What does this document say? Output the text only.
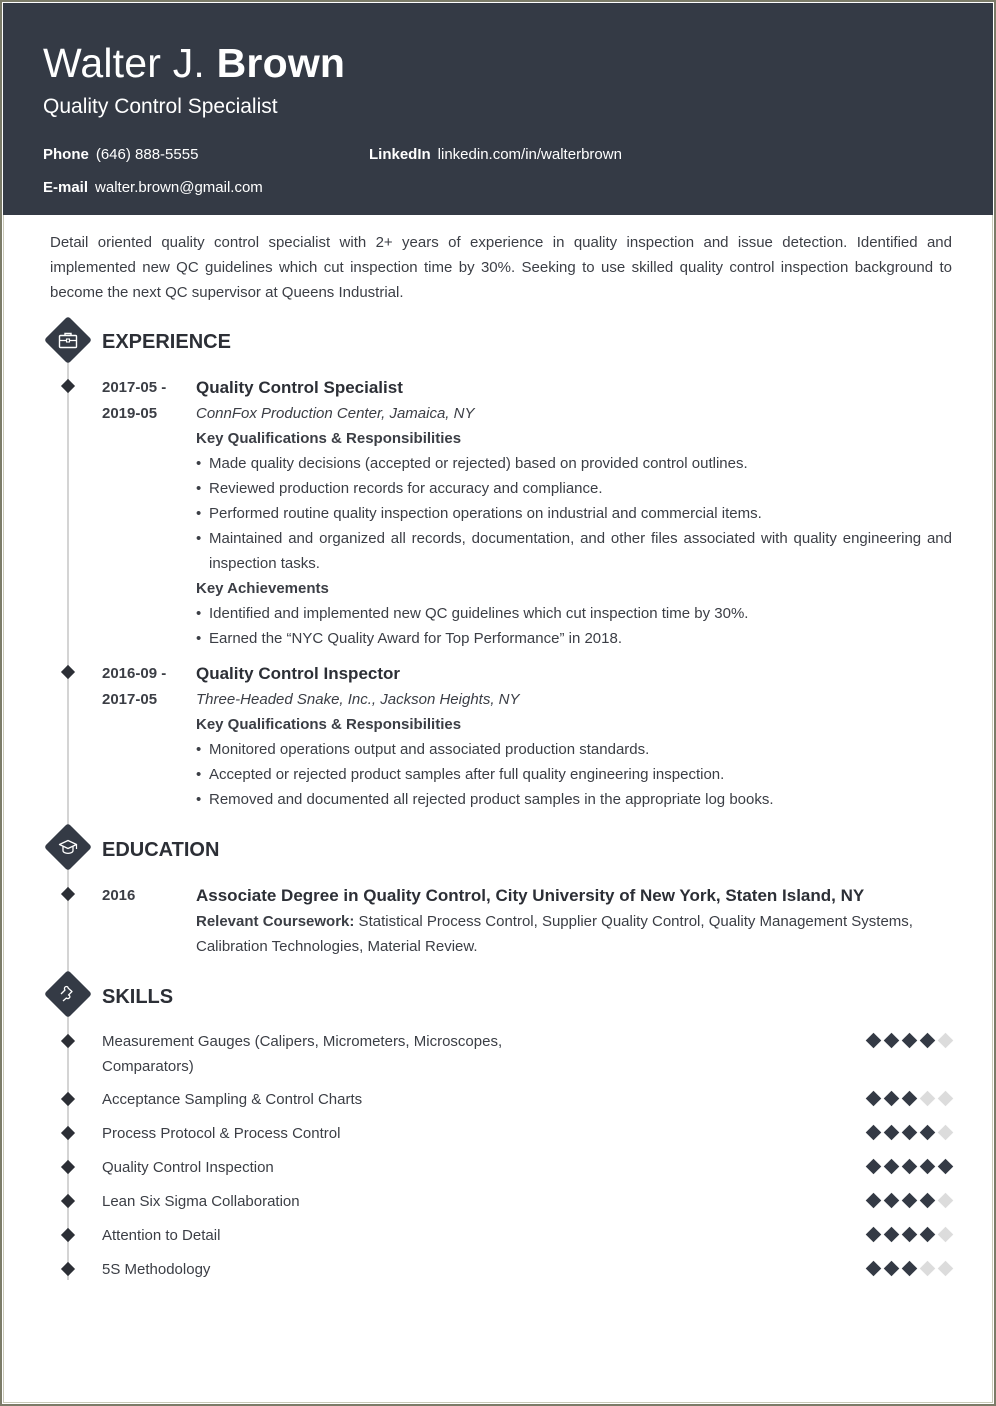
Walter J. Brown
Quality Control Specialist
Phone (646) 888-5555	LinkedIn linkedin.com/in/walterbrown
E-mail walter.brown@gmail.com

Detail oriented quality control specialist with 2+ years of experience in quality inspection and issue detection. Identified and implemented new QC guidelines which cut inspection time by 30%. Seeking to use skilled quality control inspection background to become the next QC supervisor at Queens Industrial.

EXPERIENCE
2017-05 -
2019-05
Quality Control Specialist
ConnFox Production Center, Jamaica, NY
Key Qualifications & Responsibilities
• Made quality decisions (accepted or rejected) based on provided control outlines.
• Reviewed production records for accuracy and compliance.
• Performed routine quality inspection operations on industrial and commercial items.
• Maintained and organized all records, documentation, and other files associated with quality engineering and inspection tasks.
Key Achievements
• Identified and implemented new QC guidelines which cut inspection time by 30%.
• Earned the “NYC Quality Award for Top Performance” in 2018.
2016-09 -
2017-05
Quality Control Inspector
Three-Headed Snake, Inc., Jackson Heights, NY
Key Qualifications & Responsibilities
• Monitored operations output and associated production standards.
• Accepted or rejected product samples after full quality engineering inspection.
• Removed and documented all rejected product samples in the appropriate log books.
EDUCATION
2016	Associate Degree in Quality Control, City University of New York, Staten Island, NY
Relevant Coursework: Statistical Process Control, Supplier Quality Control, Quality Management Systems, Calibration Technologies, Material Review.
SKILLS
Measurement Gauges (Calipers, Micrometers, Microscopes, Comparators)
Acceptance Sampling & Control Charts
Process Protocol & Process Control
Quality Control Inspection
Lean Six Sigma Collaboration
Attention to Detail
5S Methodology
